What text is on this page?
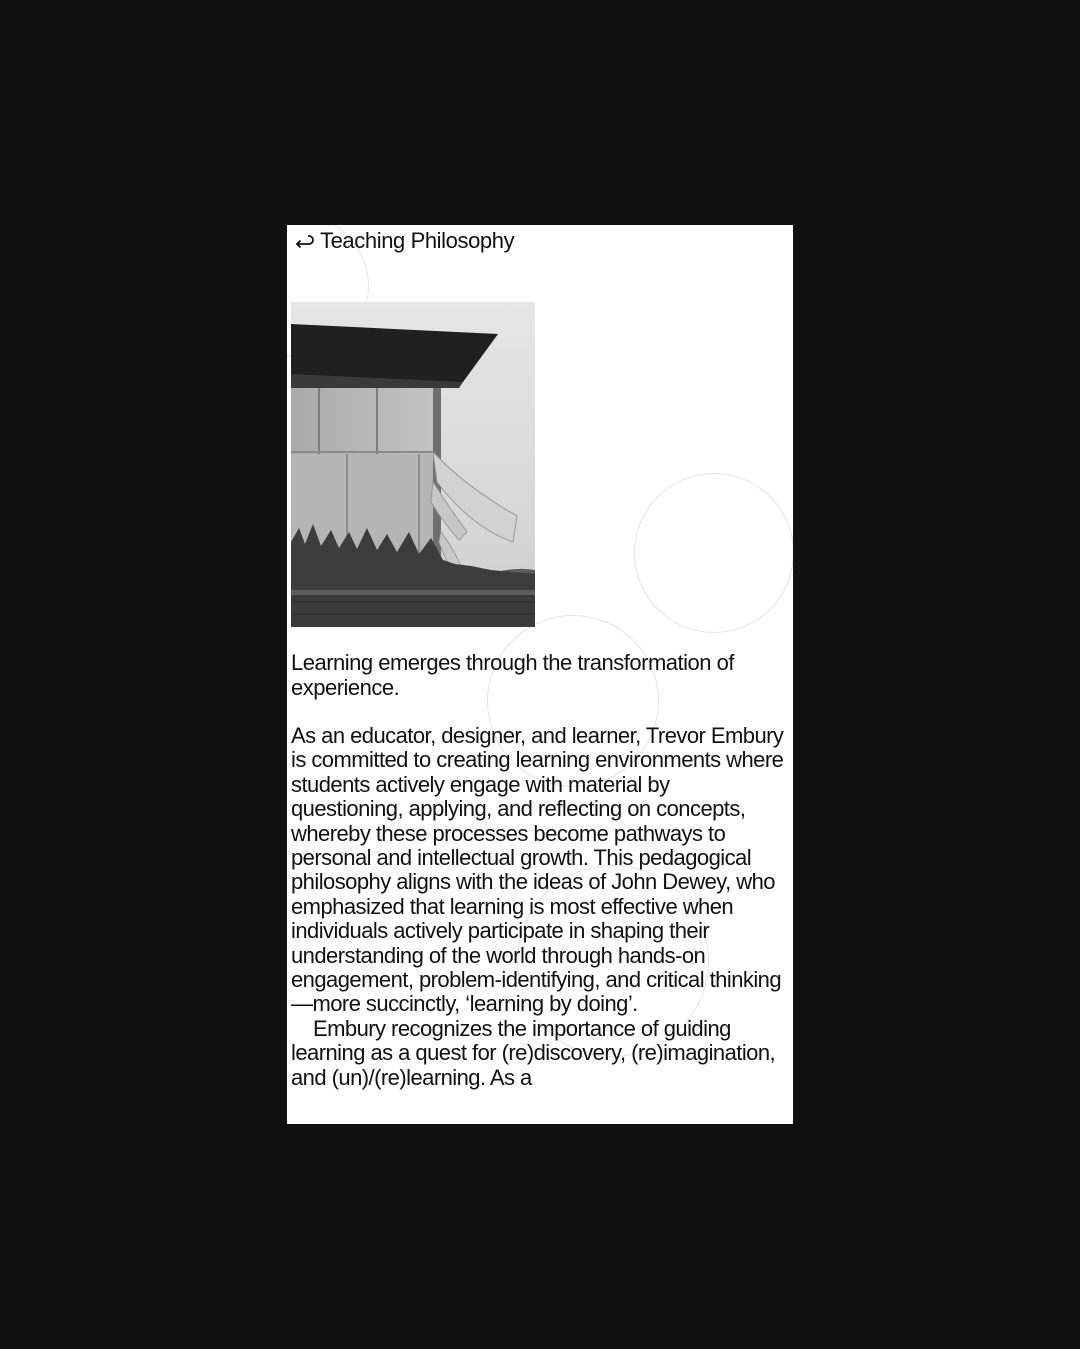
Teaching Philosophy

Learning emerges through the transformation of experience.

As an educator, designer, and learner, Trevor Embury is committed to creating learning environments where students actively engage with material by questioning, applying, and reflecting on concepts, whereby these processes become pathways to personal and intellectual growth. This pedagogical philosophy aligns with the ideas of John Dewey, who emphasized that learning is most effective when individuals actively participate in shaping their understanding of the world through hands-on engagement, problem-identifying, and critical thinking—more succinctly, ‘learning by doing’.

Embury recognizes the importance of guiding learning as a quest for (re)discovery, (re)imagination, and (un)/(re)learning. As a
